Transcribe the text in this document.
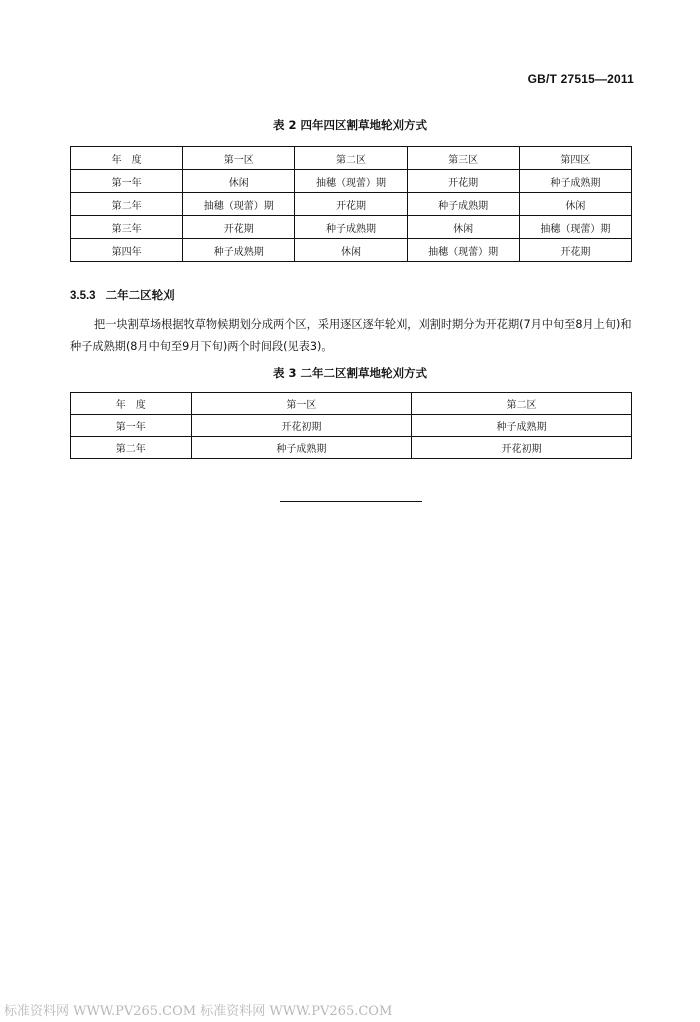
GB/T 27515—2011
表 2 四年四区割草地轮刈方式
年　度	第一区	第二区	第三区	第四区
第一年	休闲	抽穗（现蕾）期	开花期	种子成熟期
第二年	抽穗（现蕾）期	开花期	种子成熟期	休闲
第三年	开花期	种子成熟期	休闲	抽穗（现蕾）期
第四年	种子成熟期	休闲	抽穗（现蕾）期	开花期
3.5.3 二年二区轮刈
把一块割草场根据牧草物候期划分成两个区，采用逐区逐年轮刈，刈割时期分为开花期(7月中旬至8月上旬)和种子成熟期(8月中旬至9月下旬)两个时间段(见表3)。
表 3 二年二区割草地轮刈方式
年　度	第一区	第二区
第一年	开花初期	种子成熟期
第二年	种子成熟期	开花初期
标准资料网 WWW.PV265.COM 标准资料网 WWW.PV265.COM
